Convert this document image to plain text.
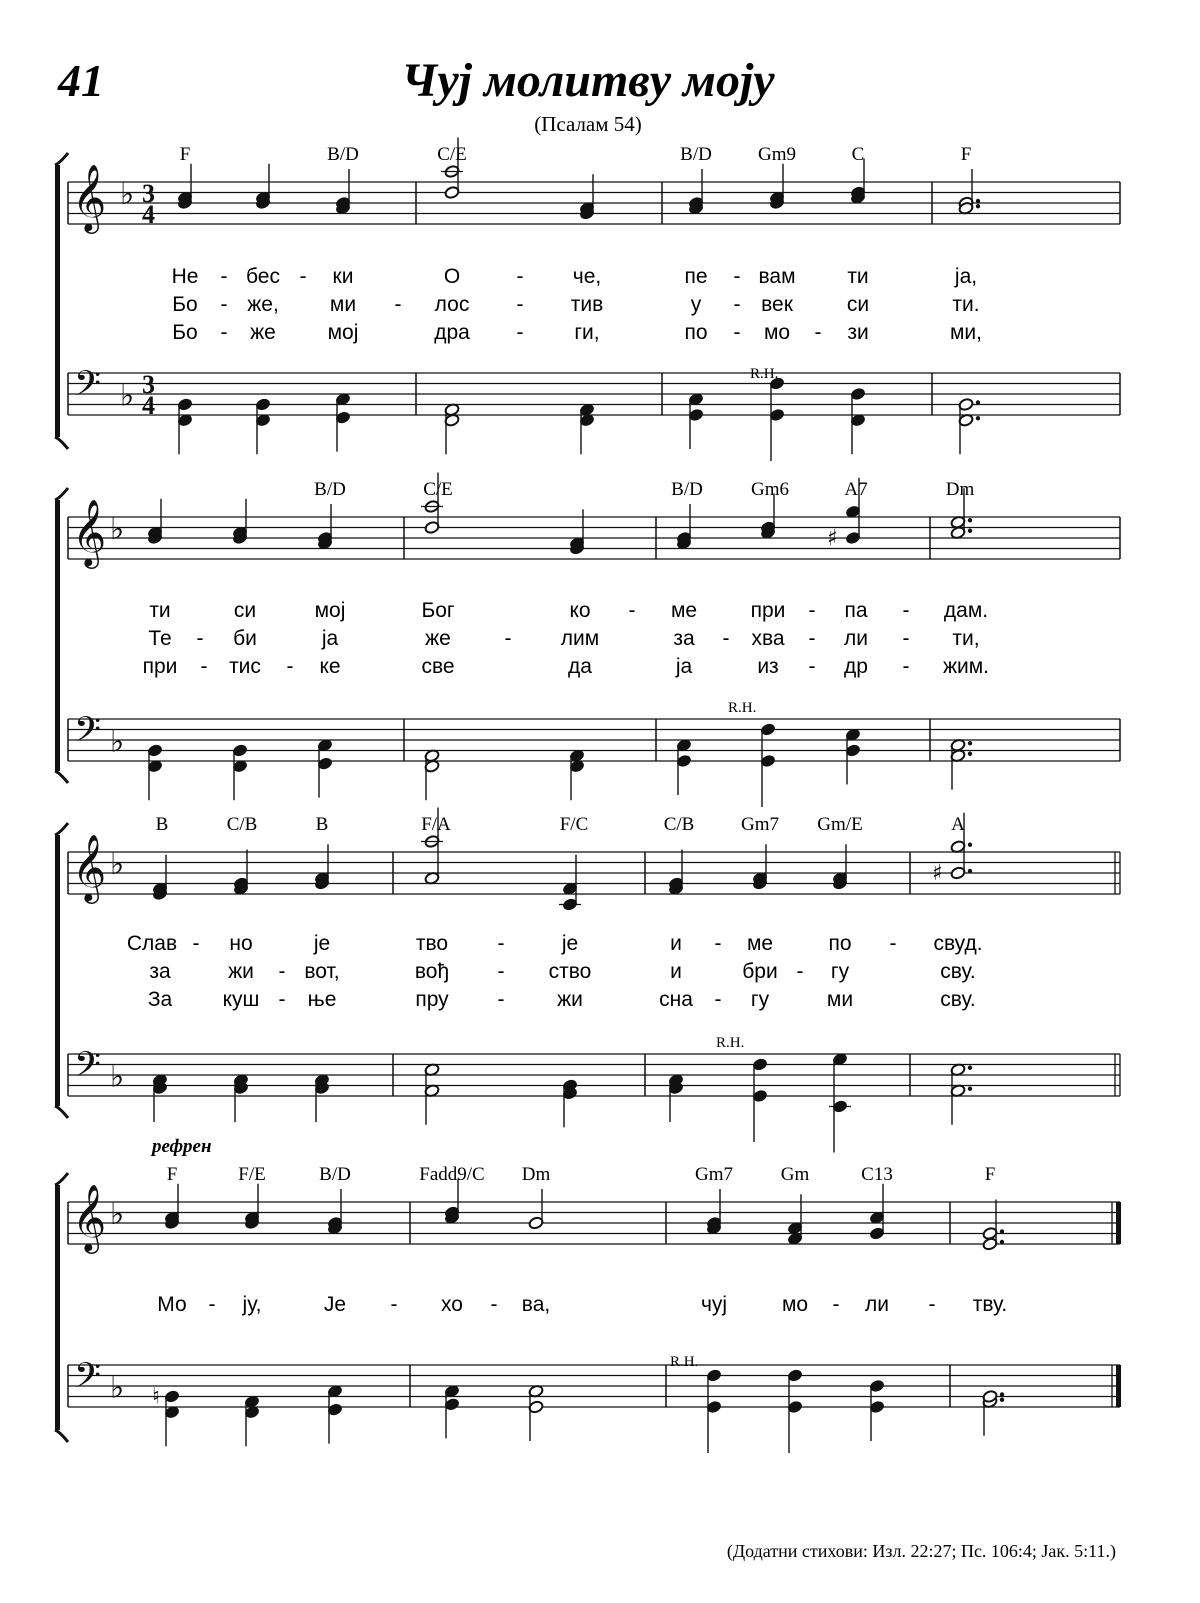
41	Чуј молитву моју
(Псалам 54)
F	B/D	C/E	B/D Gm9	C	F
𝄞
𝄢
♭
♭
3
4
3
4
R.H.
Не - бес - ки	О	- че,	пе - вам ти	ја,
Бо - же, ми - лос - тив	у - век	си	ти.
Бо - же мој	дра - ги,	по - мо - зи	ми,
B/D	C/E	B/D	Gm6	A7	Dm
𝄞
𝄢
♭
♭
♯
R.H.
ти	си	мој	Бог	ко - ме	при - па - дам.
Те - би	ја	же	- лим	за - хва - ли - ти,
при - тис - ке	све	да	ја	из - др - жим.
B	C/B	B	F/A	F/C	C/B Gm7 Gm/E	A
𝄞
𝄢
♭
♭
♯
R.H.
Слав - но	је	тво -	је	и - ме	по - свуд.
за	жи - вот,	вођ - ство	и	бри - гу	сву.
За куш - ње	пру -	жи	сна - гу	ми	сву.
рефрен
F	F/E	B/D	Fadd9/C Dm	Gm7	Gm	C13	F
𝄞
𝄢
♭
♭ ♮
R.H.
Мо - ју,	Је - хо - ва,	чуј	мо - ли - тву.
(Додатни стихови: Изл. 22:27; Пс. 106:4; Јак. 5:11.)
